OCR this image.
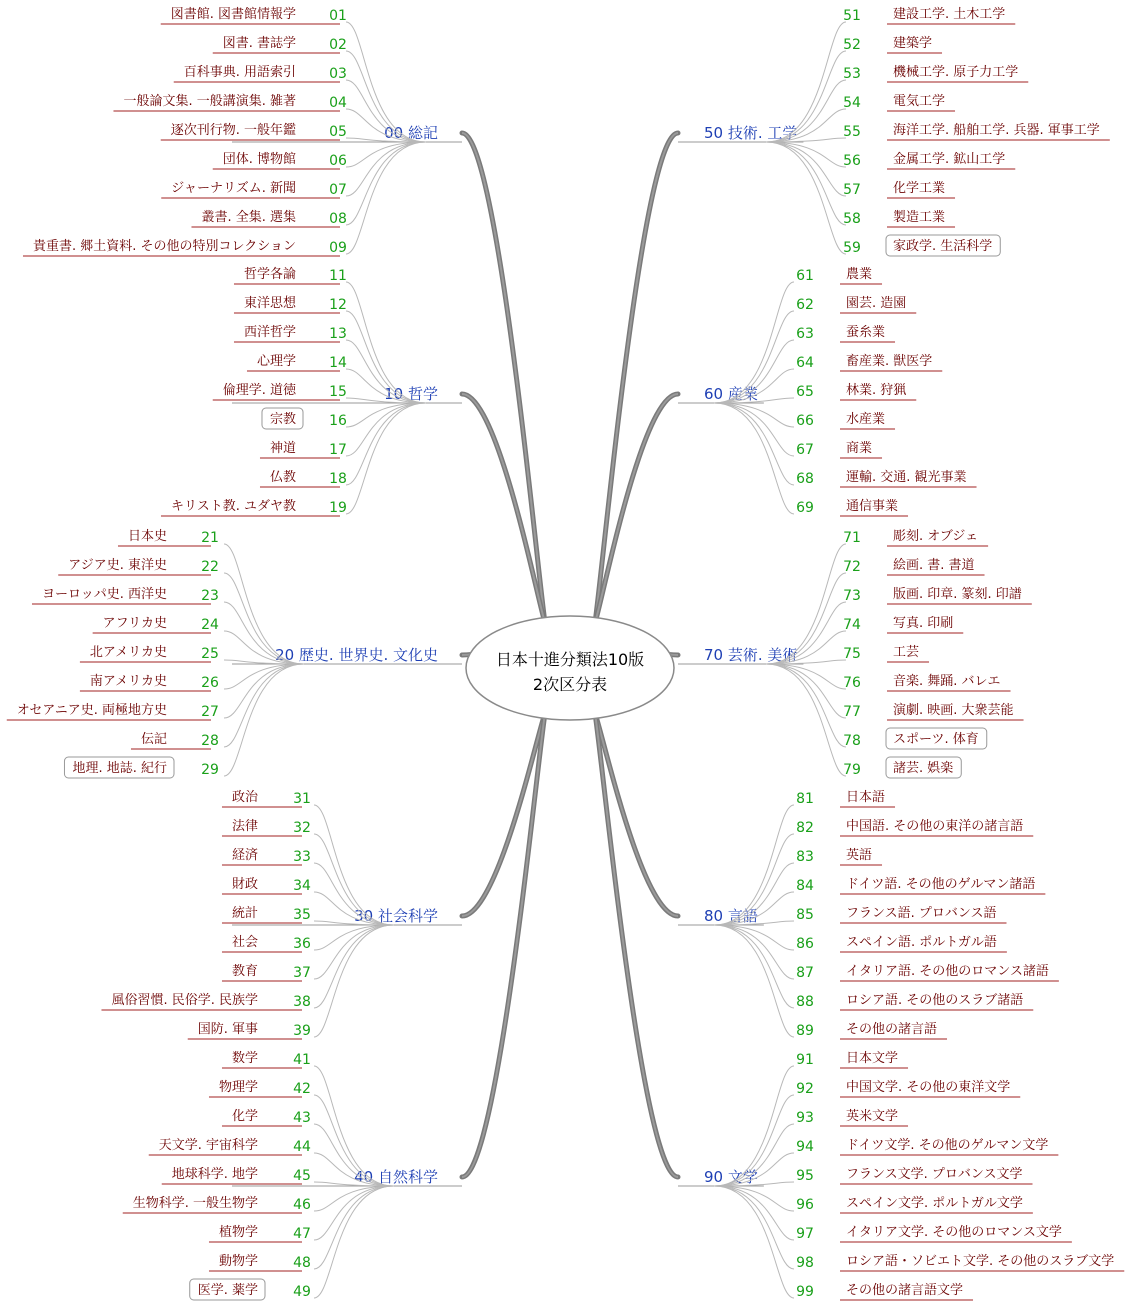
00 総記
01
図書館. 図書館情報学
02
図書. 書誌学
03
百科事典. 用語索引
04
一般論文集. 一般講演集. 雑著
05
逐次刊行物. 一般年鑑
06
団体. 博物館
07
ジャーナリズム. 新聞
08
叢書. 全集. 選集
09
貴重書. 郷土資料. その他の特別コレクション
10 哲学
11
哲学各論
12
東洋思想
13
西洋哲学
14
心理学
15
倫理学. 道徳
16
宗教
17
神道
18
仏教
19
キリスト教. ユダヤ教
20 歴史. 世界史. 文化史
21
日本史
22
アジア史. 東洋史
23
ヨーロッパ史. 西洋史
24
アフリカ史
25
北アメリカ史
26
南アメリカ史
27
オセアニア史. 両極地方史
28
伝記
29
地理. 地誌. 紀行
30 社会科学
31
政治
32
法律
33
経済
34
財政
35
統計
36
社会
37
教育
38
風俗習慣. 民俗学. 民族学
39
国防. 軍事
40 自然科学
41
数学
42
物理学
43
化学
44
天文学. 宇宙科学
45
地球科学. 地学
46
生物科学. 一般生物学
47
植物学
48
動物学
49
医学. 薬学
50 技術. 工学
51 建設工学. 土木工学
52 建築学
53 機械工学. 原子力工学
54 電気工学
55 海洋工学. 船舶工学. 兵器. 軍事工学
56 金属工学. 鉱山工学
57 化学工業
58 製造工業
59 家政学. 生活科学
60 産業
61 農業
62 園芸. 造園
63 蚕糸業
64 畜産業. 獣医学
65 林業. 狩猟
66 水産業
67 商業
68 運輸. 交通. 観光事業
69 通信事業
70 芸術. 美術
71 彫刻. オブジェ
72 絵画. 書. 書道
73 版画. 印章. 篆刻. 印譜
74 写真. 印刷
75 工芸
76 音楽. 舞踊. バレエ
77 演劇. 映画. 大衆芸能
78 スポーツ. 体育
79 諸芸. 娯楽
80 言語
81 日本語
82 中国語. その他の東洋の諸言語
83 英語
84 ドイツ語. その他のゲルマン諸語
85 フランス語. プロバンス語
86 スペイン語. ポルトガル語
87 イタリア語. その他のロマンス諸語
88 ロシア語. その他のスラブ諸語
89 その他の諸言語
90 文学
91 日本文学
92 中国文学. その他の東洋文学
93 英米文学
94 ドイツ文学. その他のゲルマン文学
95 フランス文学. プロバンス文学
96 スペイン文学. ポルトガル文学
97 イタリア文学. その他のロマンス文学
98 ロシア語・ソビエト文学. その他のスラブ文学
99 その他の諸言語文学
日本十進分類法10版
2次区分表
